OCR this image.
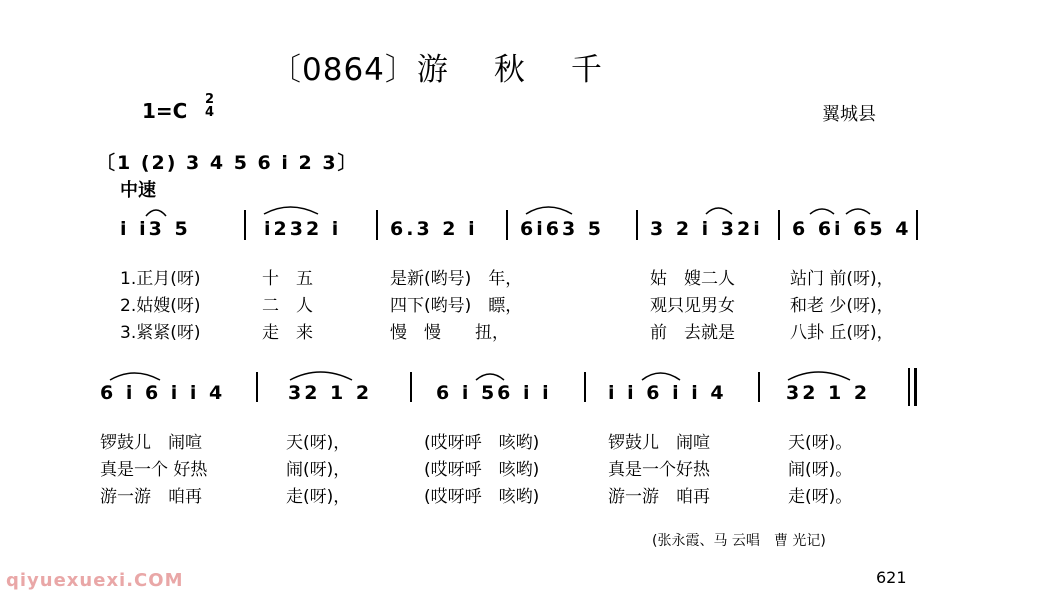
〔0864〕游秋千
1=C 2
4	翼城县
〔1 (2) 3 4 5 6 i 2 3〕
中速
i i3 5	i232 i	6.3 2 i 6i63 5 3 2 i 32i 6 6i 65 4
1.正月(呀)	十　五	是新(哟号)　年，	姑　嫂二人	站门 前(呀)，
2.姑嫂(呀)	二　人	四下(哟号)　瞟，	观只见男女	和老 少(呀)，
3.紧紧(呀)	走　来	慢　慢　　扭，	前　去就是	八卦 丘(呀)，
6 i 6 i i 4	32 1 2	6 i 56 i i	i i 6 i i 4	32 1 2
锣鼓儿　闹喧	天(呀)，	(哎呀呼　咳哟)	锣鼓儿　闹喧	天(呀)。
真是一个 好热	闹(呀)，	(哎呀呼　咳哟)	真是一个好热	闹(呀)。
游一游　咱再	走(呀)，	(哎呀呼　咳哟)	游一游　咱再	走(呀)。
(张永霞、马 云唱　曹 光记)
621
qiyuexuexi.COM
